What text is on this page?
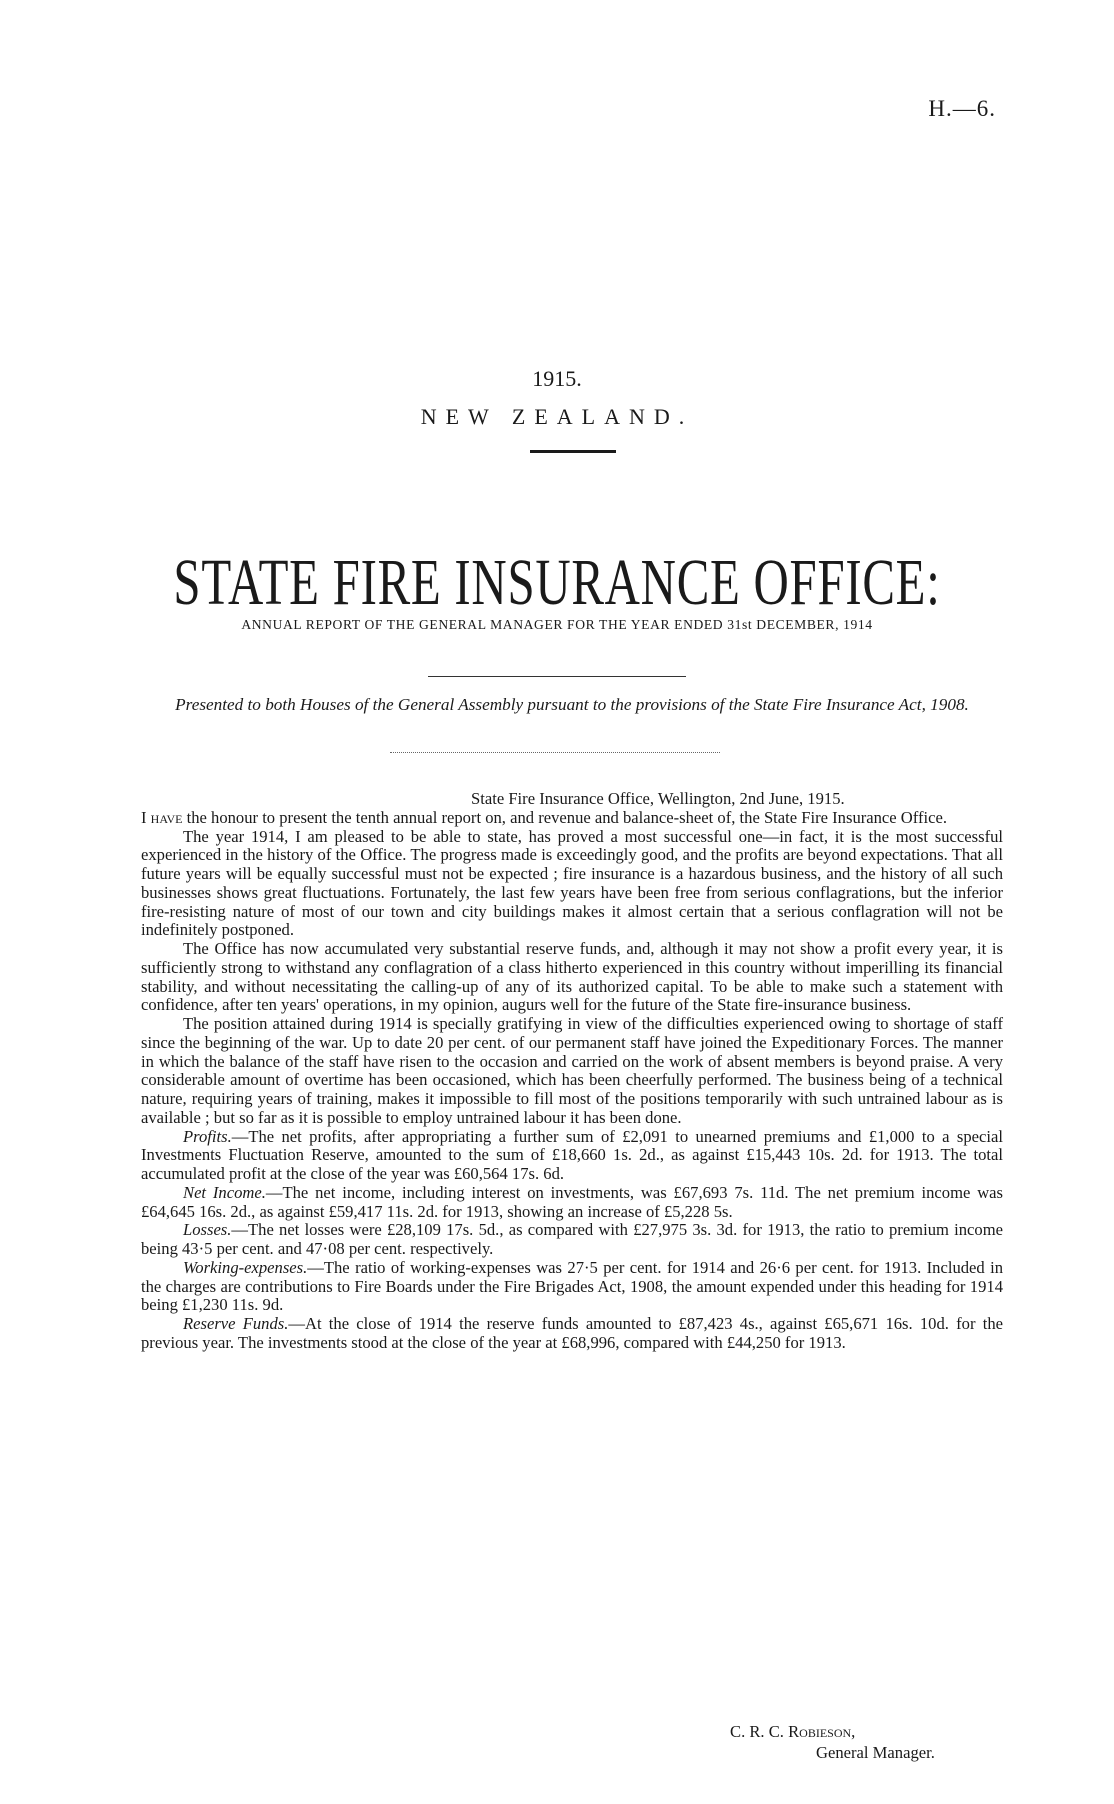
H.—6.
1915.
NEW ZEALAND.
STATE FIRE INSURANCE OFFICE:
ANNUAL REPORT OF THE GENERAL MANAGER FOR THE YEAR ENDED 31st DECEMBER, 1914
Presented to both Houses of the General Assembly pursuant to the provisions of the State Fire Insurance Act, 1908.

State Fire Insurance Office, Wellington, 2nd June, 1915.

I have the honour to present the tenth annual report on, and revenue and balance-sheet of, the State Fire Insurance Office.

The year 1914, I am pleased to be able to state, has proved a most successful one—in fact, it is the most successful experienced in the history of the Office. The progress made is exceedingly good, and the profits are beyond expectations. That all future years will be equally successful must not be expected ; fire insurance is a hazardous business, and the history of all such businesses shows great fluctuations. Fortunately, the last few years have been free from serious conflagrations, but the inferior fire-resisting nature of most of our town and city buildings makes it almost certain that a serious conflagration will not be indefinitely postponed.

The Office has now accumulated very substantial reserve funds, and, although it may not show a profit every year, it is sufficiently strong to withstand any conflagration of a class hitherto experienced in this country without imperilling its financial stability, and without necessitating the calling-up of any of its authorized capital. To be able to make such a statement with confidence, after ten years' operations, in my opinion, augurs well for the future of the State fire-insurance business.

The position attained during 1914 is specially gratifying in view of the difficulties experienced owing to shortage of staff since the beginning of the war. Up to date 20 per cent. of our permanent staff have joined the Expeditionary Forces. The manner in which the balance of the staff have risen to the occasion and carried on the work of absent members is beyond praise. A very considerable amount of overtime has been occasioned, which has been cheerfully performed. The business being of a technical nature, requiring years of training, makes it impossible to fill most of the positions temporarily with such untrained labour as is available ; but so far as it is possible to employ untrained labour it has been done.

Profits.—The net profits, after appropriating a further sum of £2,091 to unearned premiums and £1,000 to a special Investments Fluctuation Reserve, amounted to the sum of £18,660 1s. 2d., as against £15,443 10s. 2d. for 1913. The total accumulated profit at the close of the year was £60,564 17s. 6d.

Net Income.—The net income, including interest on investments, was £67,693 7s. 11d. The net premium income was £64,645 16s. 2d., as against £59,417 11s. 2d. for 1913, showing an increase of £5,228 5s.

Losses.—The net losses were £28,109 17s. 5d., as compared with £27,975 3s. 3d. for 1913, the ratio to premium income being 43·5 per cent. and 47·08 per cent. respectively.

Working-expenses.—The ratio of working-expenses was 27·5 per cent. for 1914 and 26·6 per cent. for 1913. Included in the charges are contributions to Fire Boards under the Fire Brigades Act, 1908, the amount expended under this heading for 1914 being £1,230 11s. 9d.

Reserve Funds.—At the close of 1914 the reserve funds amounted to £87,423 4s., against £65,671 16s. 10d. for the previous year. The investments stood at the close of the year at £68,996, compared with £44,250 for 1913.

C. R. C. Robieson,
General Manager.
